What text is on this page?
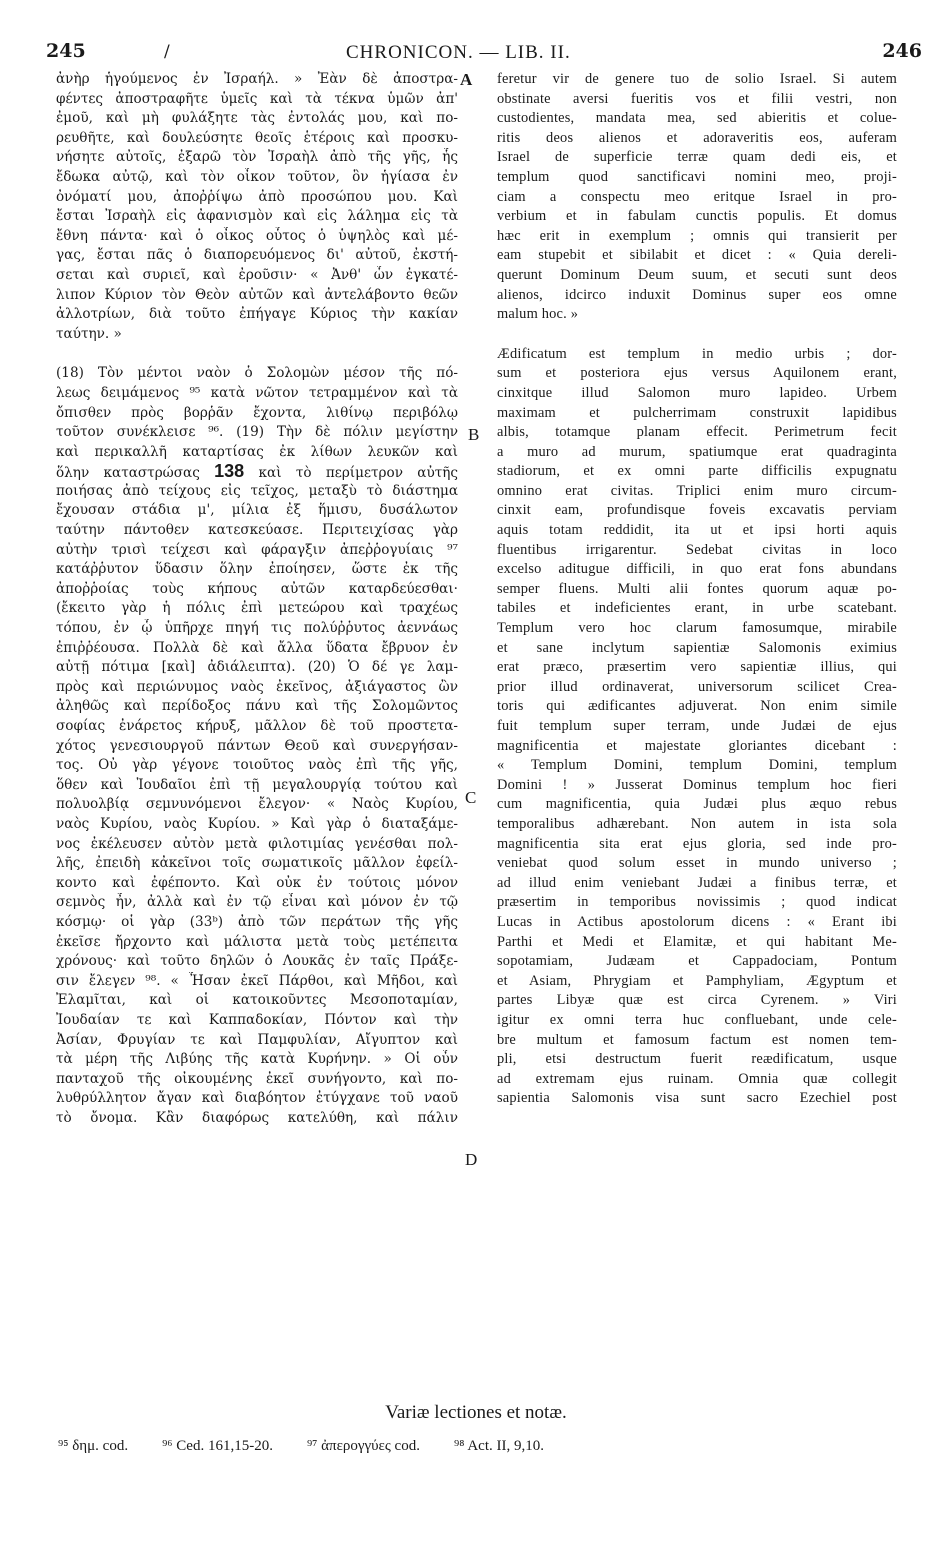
245	/	CHRONICON. — LIB. II.	246
A
B
C
D
ἀνὴρ ἡγούμενος ἐν Ἰσραήλ. » Ἐὰν δὲ ἀποστρα-
φέντες ἀποστραφῆτε ὑμεῖς καὶ τὰ τέκνα ὑμῶν ἀπ'
ἐμοῦ, καὶ μὴ φυλάξητε τὰς ἐντολάς μου, καὶ πο-
ρευθῆτε, καὶ δουλεύσητε θεοῖς ἑτέροις καὶ προσκυ-
νήσητε αὐτοῖς, ἐξαρῶ τὸν Ἰσραὴλ ἀπὸ τῆς γῆς, ἧς
ἔδωκα αὐτῷ, καὶ τὸν οἶκον τοῦτον, ὃν ἡγίασα ἐν
ὀνόματί μου, ἀποῤῥίψω ἀπὸ προσώπου μου. Καὶ
ἔσται Ἰσραὴλ εἰς ἀφανισμὸν καὶ εἰς λάλημα εἰς τὰ
ἔθνη πάντα· καὶ ὁ οἶκος οὗτος ὁ ὑψηλὸς καὶ μέ-
γας, ἔσται πᾶς ὁ διαπορευόμενος δι' αὐτοῦ, ἐκστή-
σεται καὶ συριεῖ, καὶ ἐροῦσιν· « Ἀνθ' ὧν ἐγκατέ-
λιπον Κύριον τὸν Θεὸν αὐτῶν καὶ ἀντελάβοντο θεῶν
ἀλλοτρίων, διὰ τοῦτο ἐπήγαγε Κύριος τὴν κακίαν
ταύτην. »
(18) Τὸν μέντοι ναὸν ὁ Σολομὼν μέσον τῆς πό-
λεως δειμάμενος ⁹⁵ κατὰ νῶτον τετραμμένον καὶ τὰ
ὄπισθεν πρὸς βορῥᾶν ἔχοντα, λιθίνῳ περιβόλῳ
τοῦτον συνέκλεισε ⁹⁶. (19) Τὴν δὲ πόλιν μεγίστην
καὶ περικαλλῆ καταρτίσας ἐκ λίθων λευκῶν καὶ
ὅλην καταστρώσας 138 καὶ τὸ περίμετρον αὐτῆς
ποιήσας ἀπὸ τείχους εἰς τεῖχος, μεταξὺ τὸ διάστημα
ἔχουσαν στάδια μ', μίλια ἐξ ἥμισυ, δυσάλωτον
ταύτην πάντοθεν κατεσκεύασε. Περιτειχίσας γὰρ
αὐτὴν τρισὶ τείχεσι καὶ φάραγξιν ἀπεῤῥογυίαις ⁹⁷
κατάῤῥυτον ὕδασιν ὅλην ἐποίησεν, ὥστε ἐκ τῆς
ἀποῤῥοίας τοὺς κήπους αὐτῶν καταρδεύεσθαι·
(ἔκειτο γὰρ ἡ πόλις ἐπὶ μετεώρου καὶ τραχέως
τόπου, ἐν ᾧ ὑπῆρχε πηγή τις πολύῤῥυτος ἀεννάως
ἐπιῤῥέουσα. Πολλὰ δὲ καὶ ἄλλα ὕδατα ἔβρυον ἐν
αὐτῇ πότιμα [καὶ] ἀδιάλειπτα). (20) Ὁ δέ γε λαμ-
πρὸς καὶ περιώνυμος ναὸς ἐκεῖνος, ἀξιάγαστος ὢν
ἀληθῶς καὶ περίδοξος πάνυ καὶ τῆς Σολομῶντος
σοφίας ἐνάρετος κήρυξ, μᾶλλον δὲ τοῦ προστετα-
χότος γενεσιουργοῦ πάντων Θεοῦ καὶ συνεργήσαν-
τος. Οὐ γὰρ γέγονε τοιοῦτος ναὸς ἐπὶ τῆς γῆς,
ὅθεν καὶ Ἰουδαῖοι ἐπὶ τῇ μεγαλουργίᾳ τούτου καὶ
πολυολβίᾳ σεμνυνόμενοι ἔλεγον· « Ναὸς Κυρίου,
ναὸς Κυρίου, ναὸς Κυρίου. » Καὶ γὰρ ὁ διαταξάμε-
νος ἐκέλευσεν αὐτὸν μετὰ φιλοτιμίας γενέσθαι πολ-
λῆς, ἐπειδὴ κἀκεῖνοι τοῖς σωματικοῖς μᾶλλον ἐφείλ-
κοντο καὶ ἐφέποντο. Καὶ οὐκ ἐν τούτοις μόνον
σεμνὸς ἦν, ἀλλὰ καὶ ἐν τῷ εἶναι καὶ μόνον ἐν τῷ
κόσμῳ· οἱ γὰρ (33ᵇ) ἀπὸ τῶν περάτων τῆς γῆς
ἐκεῖσε ἤρχοντο καὶ μάλιστα μετὰ τοὺς μετέπειτα
χρόνους· καὶ τοῦτο δηλῶν ὁ Λουκᾶς ἐν ταῖς Πράξε-
σιν ἔλεγεν ⁹⁸. « Ἦσαν ἐκεῖ Πάρθοι, καὶ Μῆδοι, καὶ
Ἐλαμῖται, καὶ οἱ κατοικοῦντες Μεσοποταμίαν,
Ἰουδαίαν τε καὶ Καππαδοκίαν, Πόντον καὶ τὴν
Ἀσίαν, Φρυγίαν τε καὶ Παμφυλίαν, Αἴγυπτον καὶ
τὰ μέρη τῆς Λιβύης τῆς κατὰ Κυρήνην. » Οἱ οὖν
πανταχοῦ τῆς οἰκουμένης ἐκεῖ συνήγοντο, καὶ πο-
λυθρύλλητον ἄγαν καὶ διαβόητον ἐτύγχανε τοῦ ναοῦ
τὸ ὄνομα. Κἂν διαφόρως κατελύθη, καὶ πάλιν
feretur vir de genere tuo de solio Israel. Si autem
obstinate aversi fueritis vos et filii vestri, non
custodientes, mandata mea, sed abieritis et colue-
ritis deos alienos et adoraveritis eos, auferam
Israel de superficie terræ quam dedi eis, et
templum quod sanctificavi nomini meo, proji-
ciam a conspectu meo eritque Israel in pro-
verbium et in fabulam cunctis populis. Et domus
hæc erit in exemplum ; omnis qui transierit per
eam stupebit et sibilabit et dicet : « Quia dereli-
querunt Dominum Deum suum, et secuti sunt deos
alienos, idcirco induxit Dominus super eos omne
malum hoc. »
Ædificatum est templum in medio urbis ; dor-
sum et posteriora ejus versus Aquilonem erant,
cinxitque illud Salomon muro lapideo. Urbem
maximam et pulcherrimam construxit lapidibus
albis, totamque planam effecit. Perimetrum fecit
a muro ad murum, spatiumque erat quadraginta
stadiorum, et ex omni parte difficilis expugnatu
omnino erat civitas. Triplici enim muro circum-
cinxit eam, profundisque foveis excavatis perviam
aquis totam reddidit, ita ut et ipsi horti aquis
fluentibus irrigarentur. Sedebat civitas in loco
excelso aditugue difficili, in quo erat fons abundans
semper fluens. Multi alii fontes quorum aquæ po-
tabiles et indeficientes erant, in urbe scatebant.
Templum vero hoc clarum famosumque, mirabile
et sane inclytum sapientiæ Salomonis eximius
erat præco, præsertim vero sapientiæ illius, qui
prior illud ordinaverat, universorum scilicet Crea-
toris qui ædificantes adjuverat. Non enim simile
fuit templum super terram, unde Judæi de ejus
magnificentia et majestate gloriantes dicebant :
« Templum Domini, templum Domini, templum
Domini ! » Jusserat Dominus templum hoc fieri
cum magnificentia, quia Judæi plus æquo rebus
temporalibus adhærebant. Non autem in ista sola
magnificentia sita erat ejus gloria, sed inde pro-
veniebat quod solum esset in mundo universo ;
ad illud enim veniebant Judæi a finibus terræ, et
præsertim in temporibus novissimis ; quod indicat
Lucas in Actibus apostolorum dicens : « Erant ibi
Parthi et Medi et Elamitæ, et qui habitant Me-
sopotamiam, Judæam et Cappadociam, Pontum
et Asiam, Phrygiam et Pamphyliam, Ægyptum et
partes Libyæ quæ est circa Cyrenem. » Viri
igitur ex omni terra huc confluebant, unde cele-
bre multum et famosum factum est nomen tem-
pli, etsi destructum fuerit reædificatum, usque
ad extremam ejus ruinam. Omnia quæ collegit
sapientia Salomonis visa sunt sacro Ezechiel post
Variæ lectiones et notæ.
⁹⁵ δημ. cod. ⁹⁶ Ced. 161,15-20. ⁹⁷ ἀπερογγύες cod. ⁹⁸ Act. II, 9,10.
